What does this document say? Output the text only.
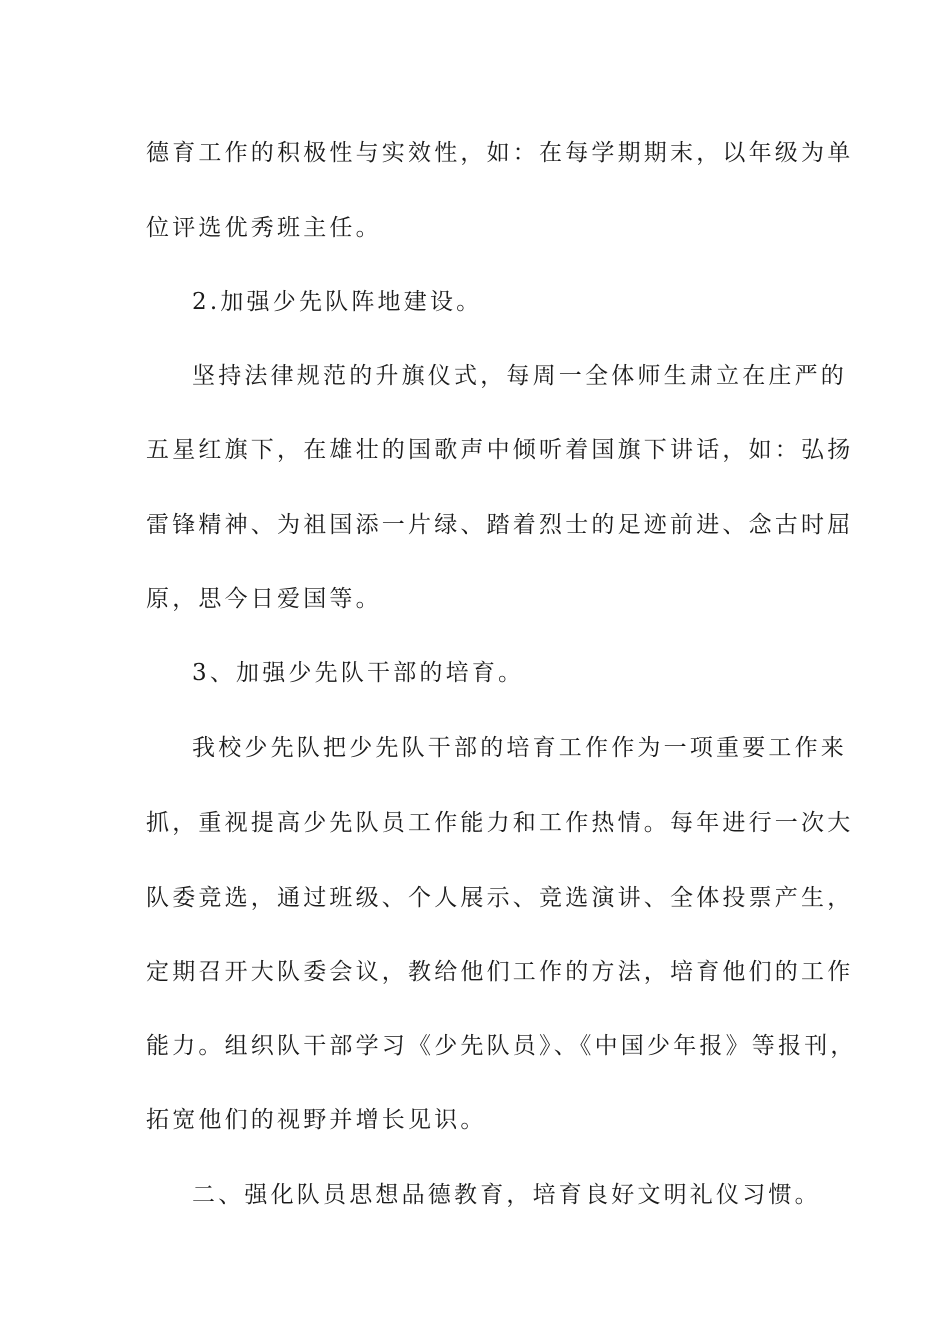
德育工作的积极性与实效性，如：在每学期期末，以年级为单
位评选优秀班主任。
2.加强少先队阵地建设。
坚持法律规范的升旗仪式，每周一全体师生肃立在庄严的
五星红旗下，在雄壮的国歌声中倾听着国旗下讲话，如：弘扬
雷锋精神、为祖国添一片绿、踏着烈士的足迹前进、念古时屈
原，思今日爱国等。
3、加强少先队干部的培育。
我校少先队把少先队干部的培育工作作为一项重要工作来
抓，重视提高少先队员工作能力和工作热情。每年进行一次大
队委竞选，通过班级、个人展示、竞选演讲、全体投票产生，
定期召开大队委会议，教给他们工作的方法，培育他们的工作
能力。组织队干部学习《少先队员》、《中国少年报》等报刊，
拓宽他们的视野并增长见识。
二、强化队员思想品德教育，培育良好文明礼仪习惯。
